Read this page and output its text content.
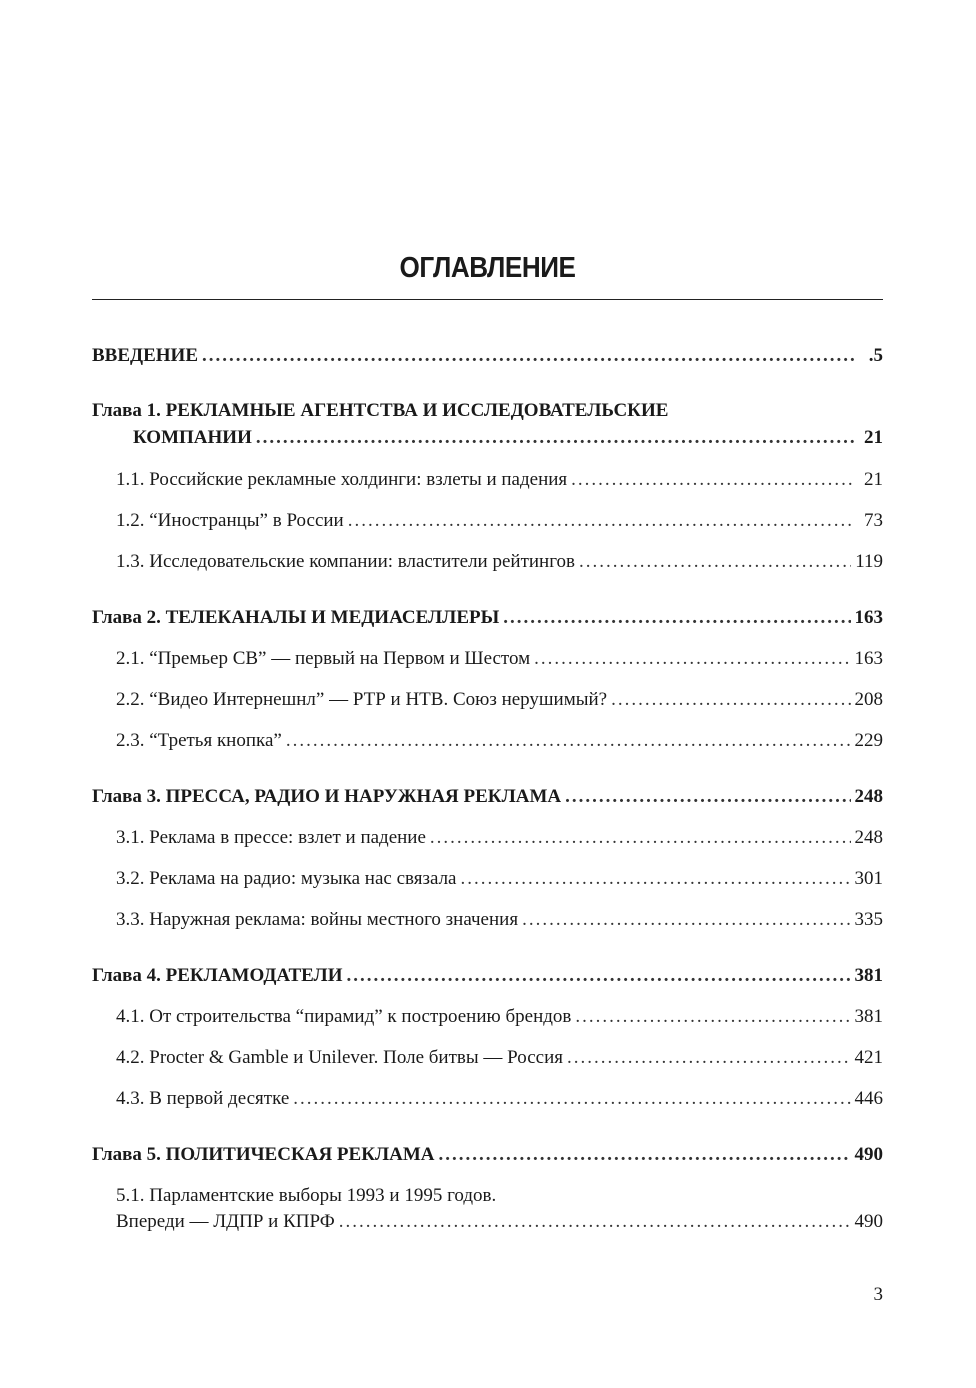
ОГЛАВЛЕНИЕ
ВВЕДЕНИЕ .....	.5
Глава 1. РЕКЛАМНЫЕ АГЕНТСТВА И ИССЛЕДОВАТЕЛЬСКИЕ
КОМПАНИИ .....	21
1.1. Российские рекламные холдинги: взлеты и падения .....	21
1.2. “Иностранцы” в России .....	73
1.3. Исследовательские компании: властители рейтингов .....	119
Глава 2. ТЕЛЕКАНАЛЫ И МЕДИАСЕЛЛЕРЫ .....	163
2.1. “Премьер СВ” — первый на Первом и Шестом .....	163
2.2. “Видео Интернешнл” — РТР и НТВ. Союз нерушимый? .....	208
2.3. “Третья кнопка” .....	229
Глава 3. ПРЕССА, РАДИО И НАРУЖНАЯ РЕКЛАМА .....	248
3.1. Реклама в прессе: взлет и падение .....	248
3.2. Реклама на радио: музыка нас связала .....	301
3.3. Наружная реклама: войны местного значения .....	335
Глава 4. РЕКЛАМОДАТЕЛИ .....	381
4.1. От строительства “пирамид” к построению брендов .....	381
4.2. Procter & Gamble и Unilever. Поле битвы — Россия .....	421
4.3. В первой десятке .....	446
Глава 5. ПОЛИТИЧЕСКАЯ РЕКЛАМА .....	490
5.1. Парламентские выборы 1993 и 1995 годов.
Впереди — ЛДПР и КПРФ .....	490
3
